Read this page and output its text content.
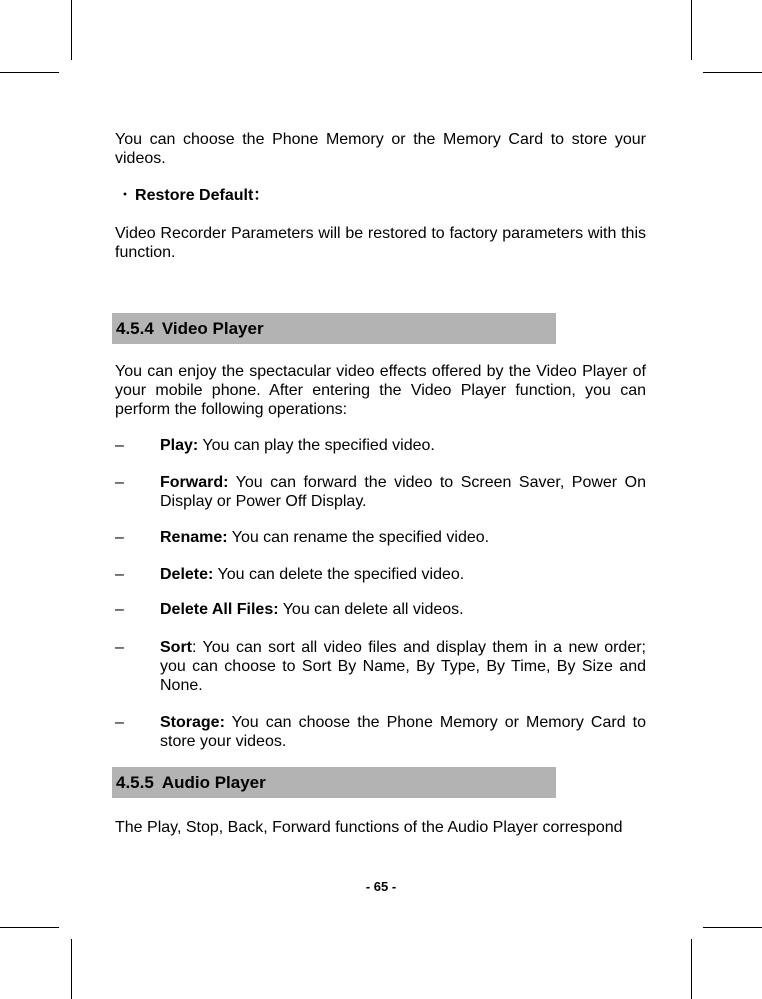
You can choose the Phone Memory or the Memory Card to store your videos.
・ Restore Default：
Video Recorder Parameters will be restored to factory parameters with this function.
4.5.4 Video Player
You can enjoy the spectacular video effects offered by the Video Player of your mobile phone. After entering the Video Player function, you can perform the following operations:
– Play: You can play the specified video.
– Forward: You can forward the video to Screen Saver, Power On Display or Power Off Display.
– Rename: You can rename the specified video.
– Delete: You can delete the specified video.
– Delete All Files: You can delete all videos.
– Sort: You can sort all video files and display them in a new order; you can choose to Sort By Name, By Type, By Time, By Size and None.
– Storage: You can choose the Phone Memory or Memory Card to store your videos.
4.5.5 Audio Player
The Play, Stop, Back, Forward functions of the Audio Player correspond
- 65 -
